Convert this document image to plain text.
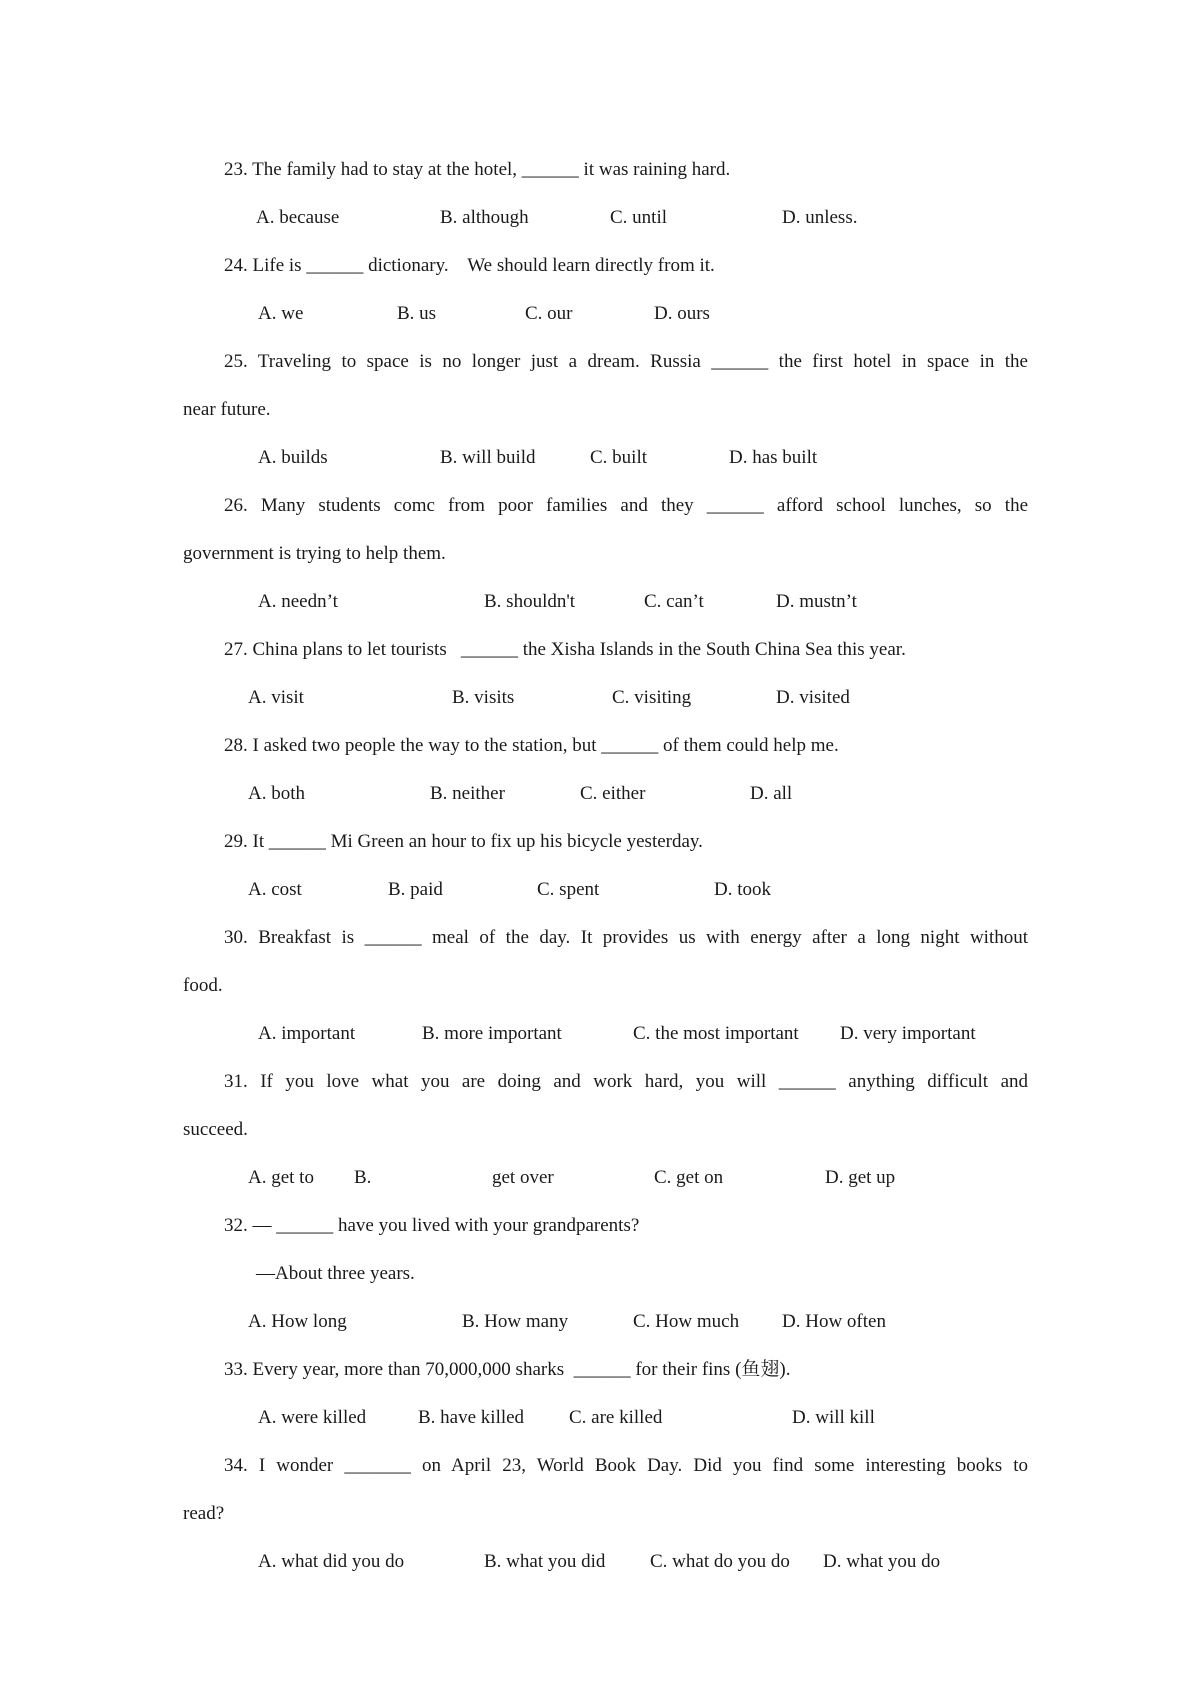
23. The family had to stay at the hotel, ______ it was raining hard.
A. because	B. although	C. until	D. unless.
24. Life is ______ dictionary.    We should learn directly from it.
A. we	B. us	C. our	D. ours
25. Traveling to space is no longer just a dream. Russia ______ the first hotel in space in the
near future.
A. builds	B. will build	C. built	D. has built
26. Many students comc from poor families and they ______ afford school lunches, so the
government is trying to help them.
A. needn’t	B. shouldn't	C. can’t	D. mustn’t
27. China plans to let tourists   ______ the Xisha Islands in the South China Sea this year.
A. visit	B. visits	C. visiting	D. visited
28. I asked two people the way to the station, but ______ of them could help me.
A. both	B. neither	C. either	D. all
29. It ______ Mi Green an hour to fix up his bicycle yesterday.
A. cost	B. paid	C. spent	D. took
30. Breakfast is ______ meal of the day. It provides us with energy after a long night without
food.
A. important	B. more important	C. the most important D. very important
31. If you love what you are doing and work hard, you will ______ anything difficult and
succeed.
A. get to B.	get over	C. get on	D. get up
32. — ______ have you lived with your grandparents?
—About three years.
A. How long	B. How many	C. How much D. How often
33. Every year, more than 70,000,000 sharks  ______ for their fins (鱼翅).
A. were killed	B. have killed C. are killed	D. will kill
34. I wonder _______ on April 23, World Book Day. Did you find some interesting books to
read?
A. what did you do	B. what you did C. what do you do D. what you do
